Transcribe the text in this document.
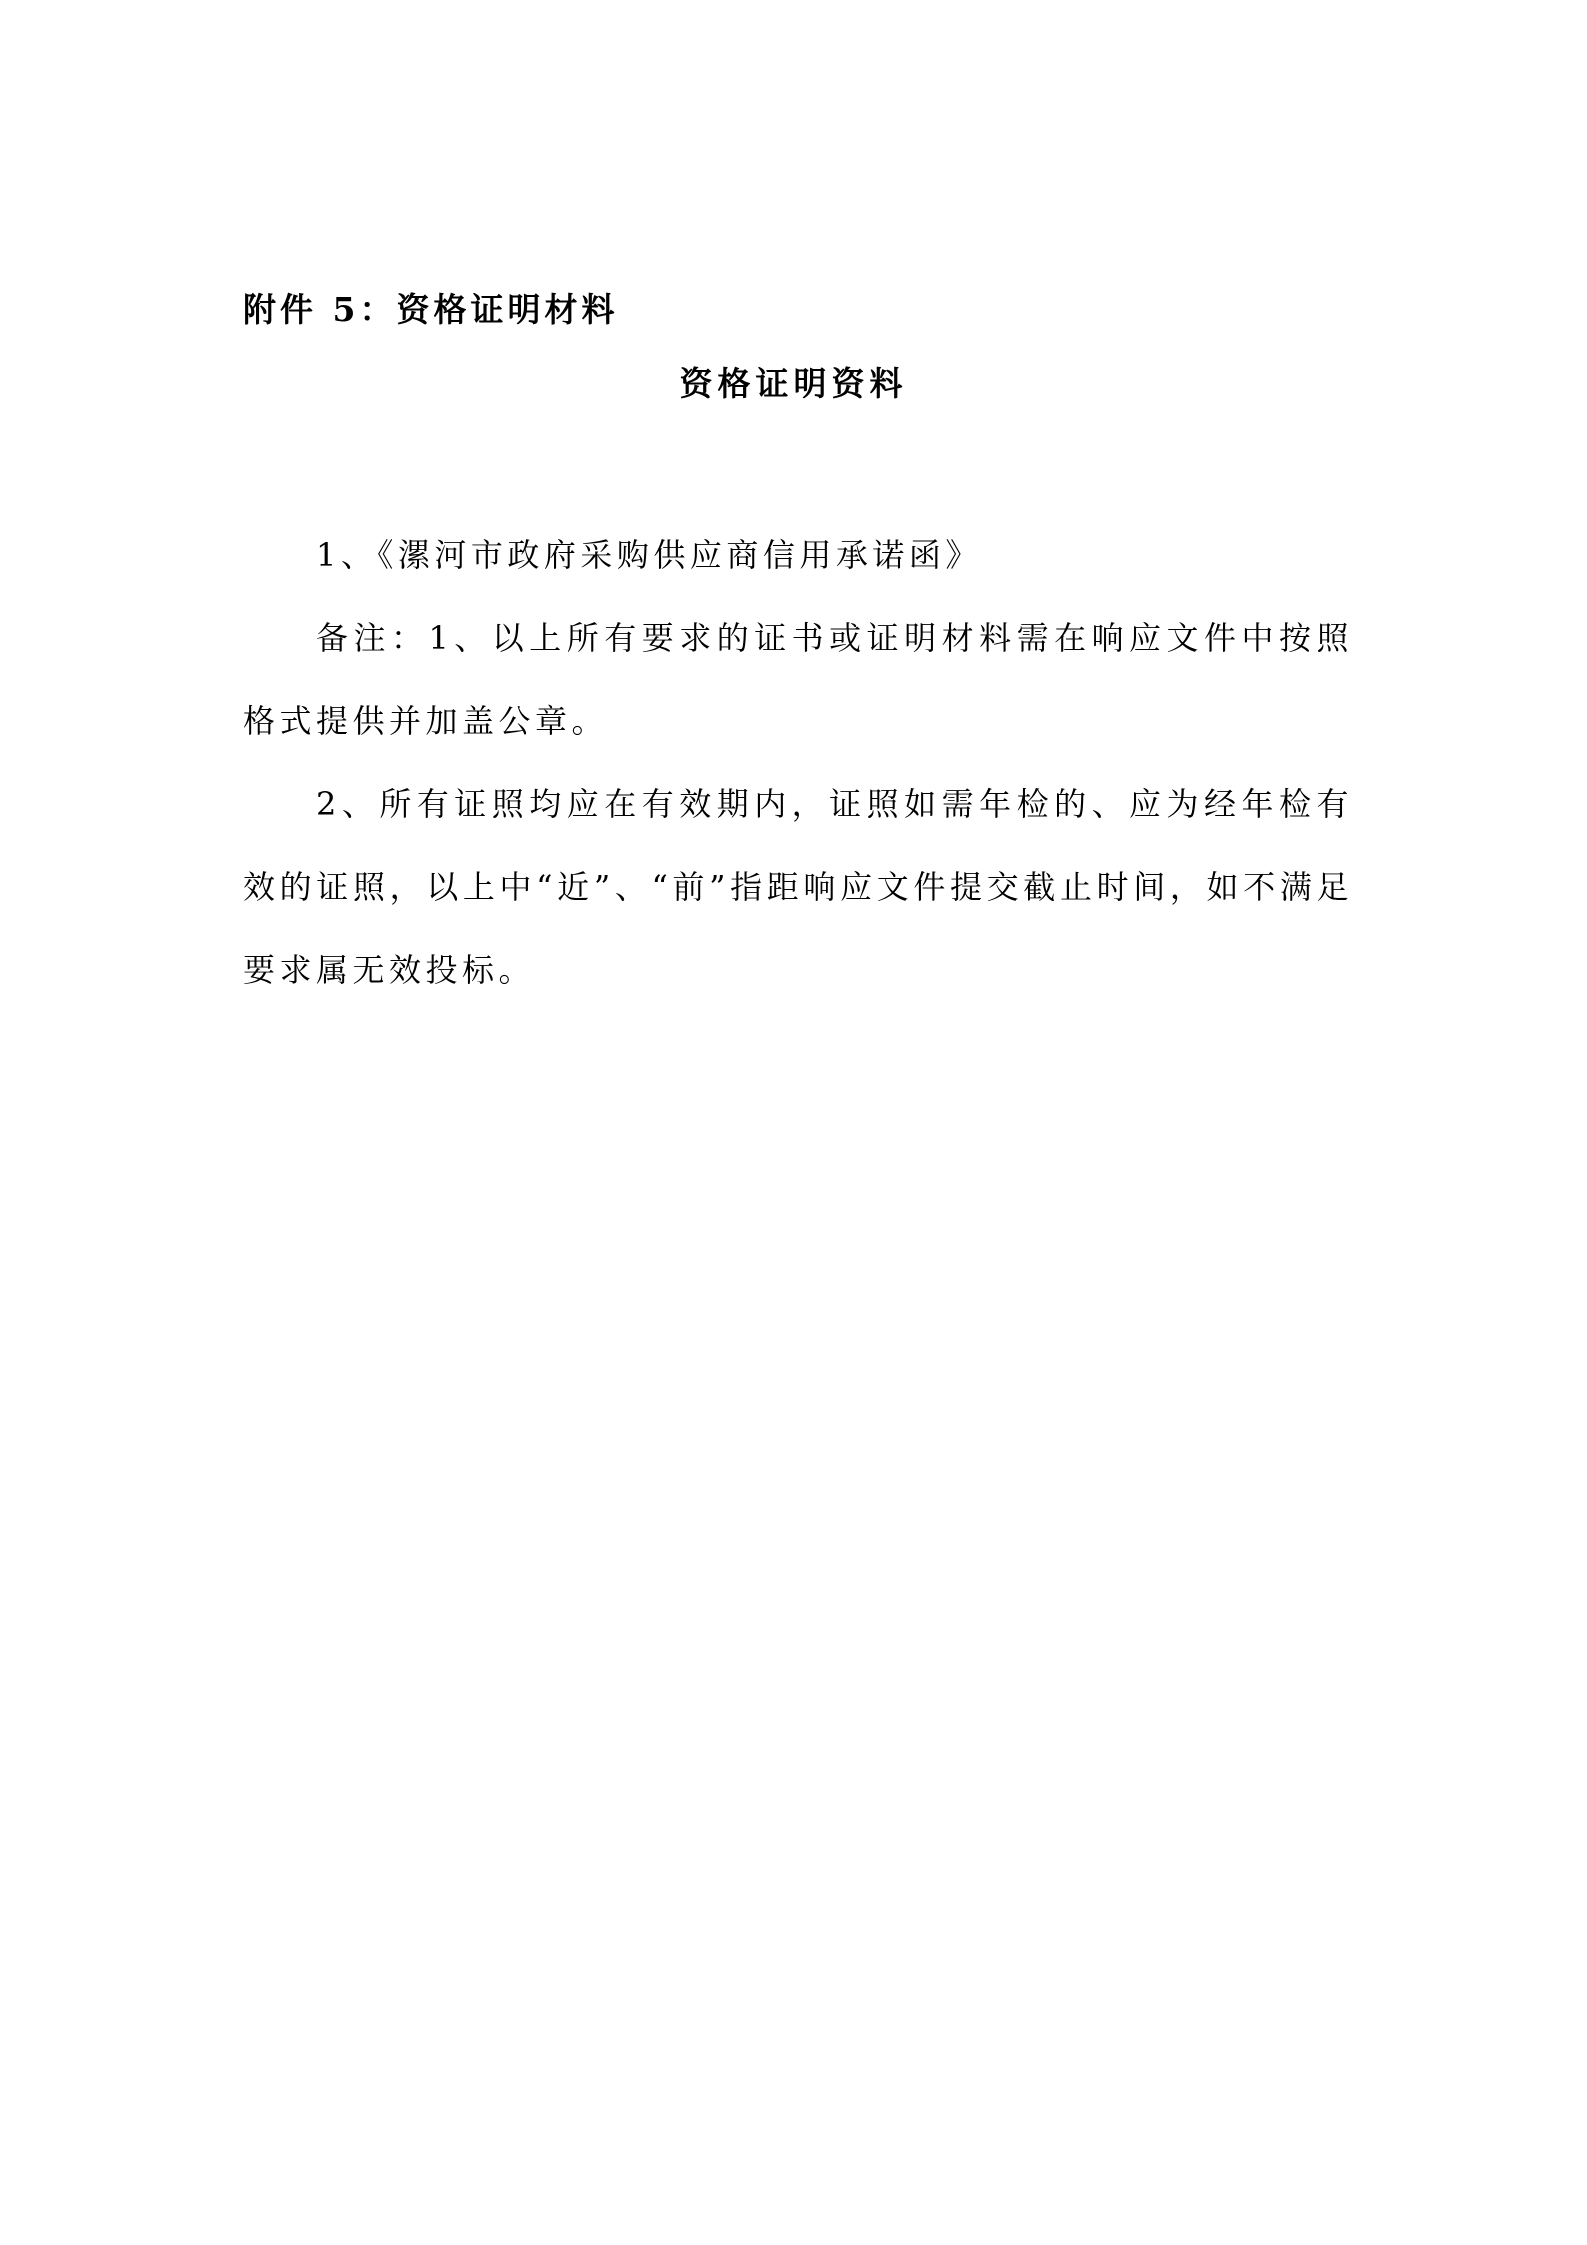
附件 5：资格证明材料
资格证明资料

1、《漯河市政府采购供应商信用承诺函》

备注：1、以上所有要求的证书或证明材料需在响应文件中按照格式提供并加盖公章。

2、所有证照均应在有效期内，证照如需年检的、应为经年检有效的证照，以上中“近”、“前”指距响应文件提交截止时间，如不满足要求属无效投标。
